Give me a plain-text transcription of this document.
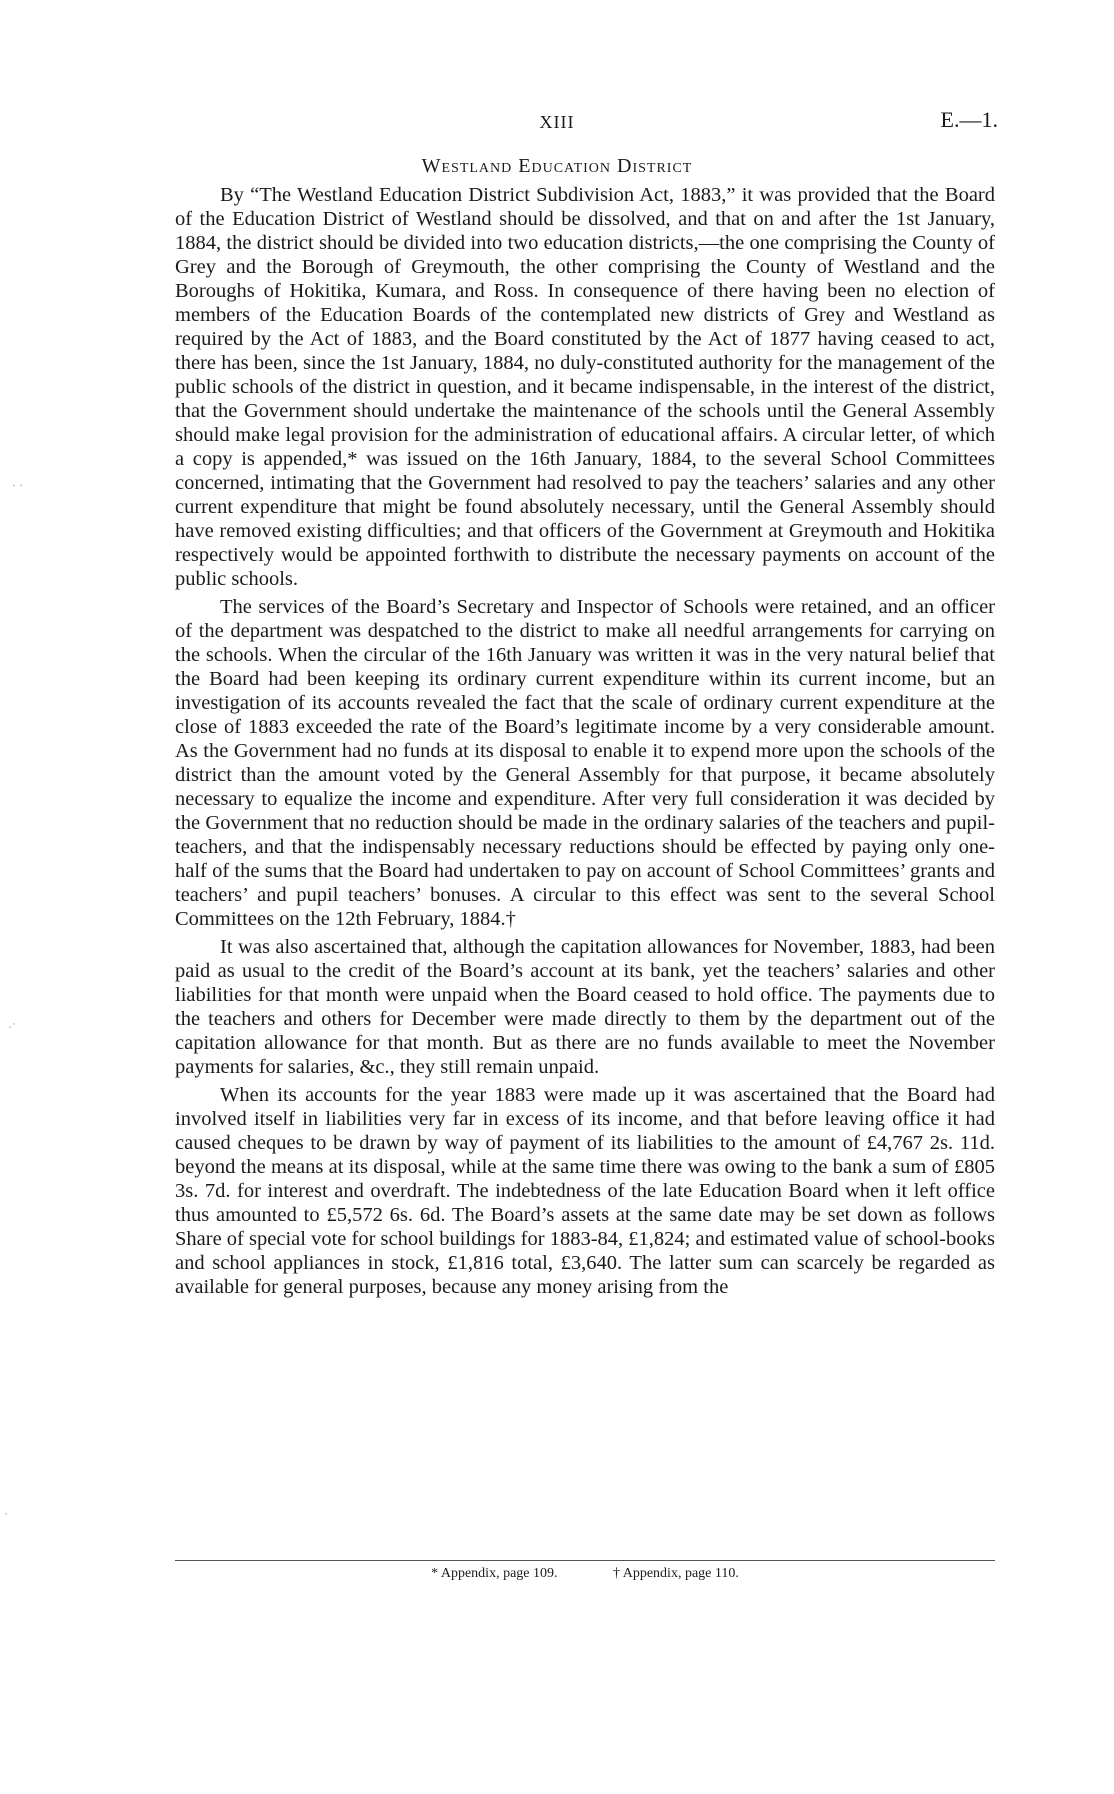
XIII	E.—1.
Westland Education District

By “The Westland Education District Subdivision Act, 1883,” it was provided that the Board of the Education District of Westland should be dissolved, and that on and after the 1st January, 1884, the district should be divided into two education districts,—the one comprising the County of Grey and the Borough of Greymouth, the other comprising the County of Westland and the Boroughs of Hokitika, Kumara, and Ross. In consequence of there having been no election of members of the Education Boards of the contemplated new districts of Grey and Westland as required by the Act of 1883, and the Board constituted by the Act of 1877 having ceased to act, there has been, since the 1st January, 1884, no duly-constituted authority for the management of the public schools of the district in question, and it became indispensable, in the interest of the district, that the Government should undertake the maintenance of the schools until the General Assembly should make legal provision for the administration of educational affairs. A circular letter, of which a copy is appended,* was issued on the 16th January, 1884, to the several School Committees concerned, intimating that the Government had resolved to pay the teachers’ salaries and any other current expenditure that might be found absolutely necessary, until the General Assembly should have removed existing difficulties; and that officers of the Government at Greymouth and Hokitika respectively would be appointed forthwith to distribute the necessary payments on account of the public schools.

The services of the Board’s Secretary and Inspector of Schools were retained, and an officer of the department was despatched to the district to make all needful arrangements for carrying on the schools. When the circular of the 16th January was written it was in the very natural belief that the Board had been keeping its ordinary current expenditure within its current income, but an investigation of its accounts revealed the fact that the scale of ordinary current expenditure at the close of 1883 exceeded the rate of the Board’s legitimate income by a very considerable amount. As the Government had no funds at its disposal to enable it to expend more upon the schools of the district than the amount voted by the General Assembly for that purpose, it became absolutely necessary to equalize the income and expenditure. After very full consideration it was decided by the Government that no reduction should be made in the ordinary salaries of the teachers and pupil-teachers, and that the indispensably necessary reductions should be effected by paying only one-half of the sums that the Board had undertaken to pay on account of School Committees’ grants and teachers’ and pupil teachers’ bonuses. A circular to this effect was sent to the several School Committees on the 12th February, 1884.†

It was also ascertained that, although the capitation allowances for November, 1883, had been paid as usual to the credit of the Board’s account at its bank, yet the teachers’ salaries and other liabilities for that month were unpaid when the Board ceased to hold office. The payments due to the teachers and others for December were made directly to them by the department out of the capitation allowance for that month. But as there are no funds available to meet the November payments for salaries, &c., they still remain unpaid.

When its accounts for the year 1883 were made up it was ascertained that the Board had involved itself in liabilities very far in excess of its income, and that before leaving office it had caused cheques to be drawn by way of payment of its liabilities to the amount of £4,767 2s. 11d. beyond the means at its disposal, while at the same time there was owing to the bank a sum of £805 3s. 7d. for interest and overdraft. The indebtedness of the late Education Board when it left office thus amounted to £5,572 6s. 6d. The Board’s assets at the same date may be set down as follows Share of special vote for school buildings for 1883-84, £1,824; and estimated value of school-books and school appliances in stock, £1,816 total, £3,640. The latter sum can scarcely be regarded as available for general purposes, because any money arising from the

* Appendix, page 109.	† Appendix, page 110.
· ·
·˙
˙
